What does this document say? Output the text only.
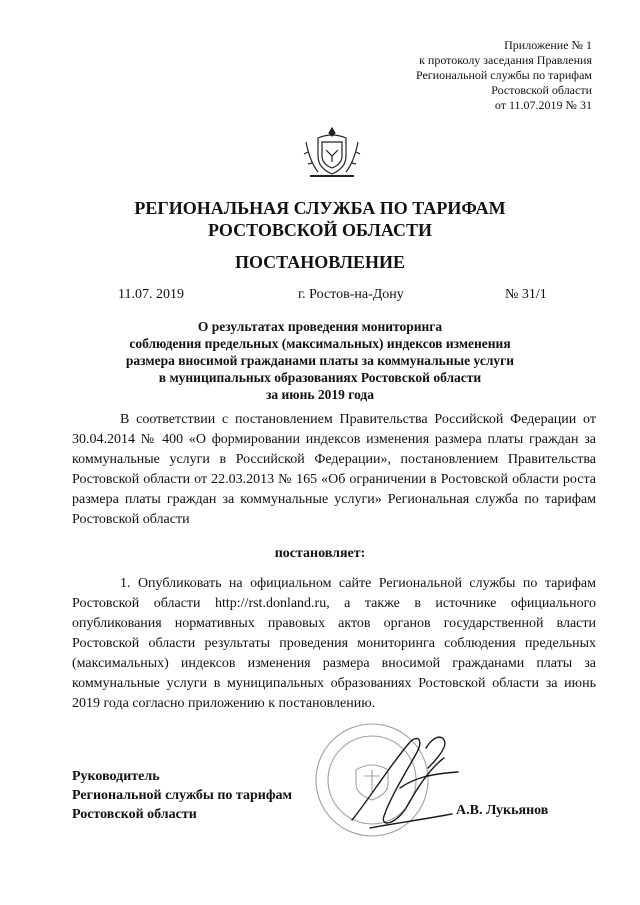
Приложение № 1
к протоколу заседания Правления
Региональной службы по тарифам
Ростовской области
от 11.07.2019 № 31
РЕГИОНАЛЬНАЯ СЛУЖБА ПО ТАРИФАМ
РОСТОВСКОЙ ОБЛАСТИ
ПОСТАНОВЛЕНИЕ
11.07. 2019	г. Ростов-на-Дону	№ 31/1
О результатах проведения мониторинга
соблюдения предельных (максимальных) индексов изменения
размера вносимой гражданами платы за коммунальные услуги
в муниципальных образованиях Ростовской области
за июнь 2019 года
В соответствии с постановлением Правительства Российской Федерации от 30.04.2014 № 400 «О формировании индексов изменения размера платы граждан за коммунальные услуги в Российской Федерации», постановлением Правительства Ростовской области от 22.03.2013 № 165 «Об ограничении в Ростовской области роста размера платы граждан за коммунальные услуги» Региональная служба по тарифам Ростовской области
постановляет:
1. Опубликовать на официальном сайте Региональной службы по тарифам Ростовской области http://rst.donland.ru, а также в источнике официального опубликования нормативных правовых актов органов государственной власти Ростовской области результаты проведения мониторинга соблюдения предельных (максимальных) индексов изменения размера вносимой гражданами платы за коммунальные услуги в муниципальных образованиях Ростовской области за июнь 2019 года согласно приложению к постановлению.
Руководитель
Региональной службы по тарифам
Ростовской области	А.В. Лукьянов
